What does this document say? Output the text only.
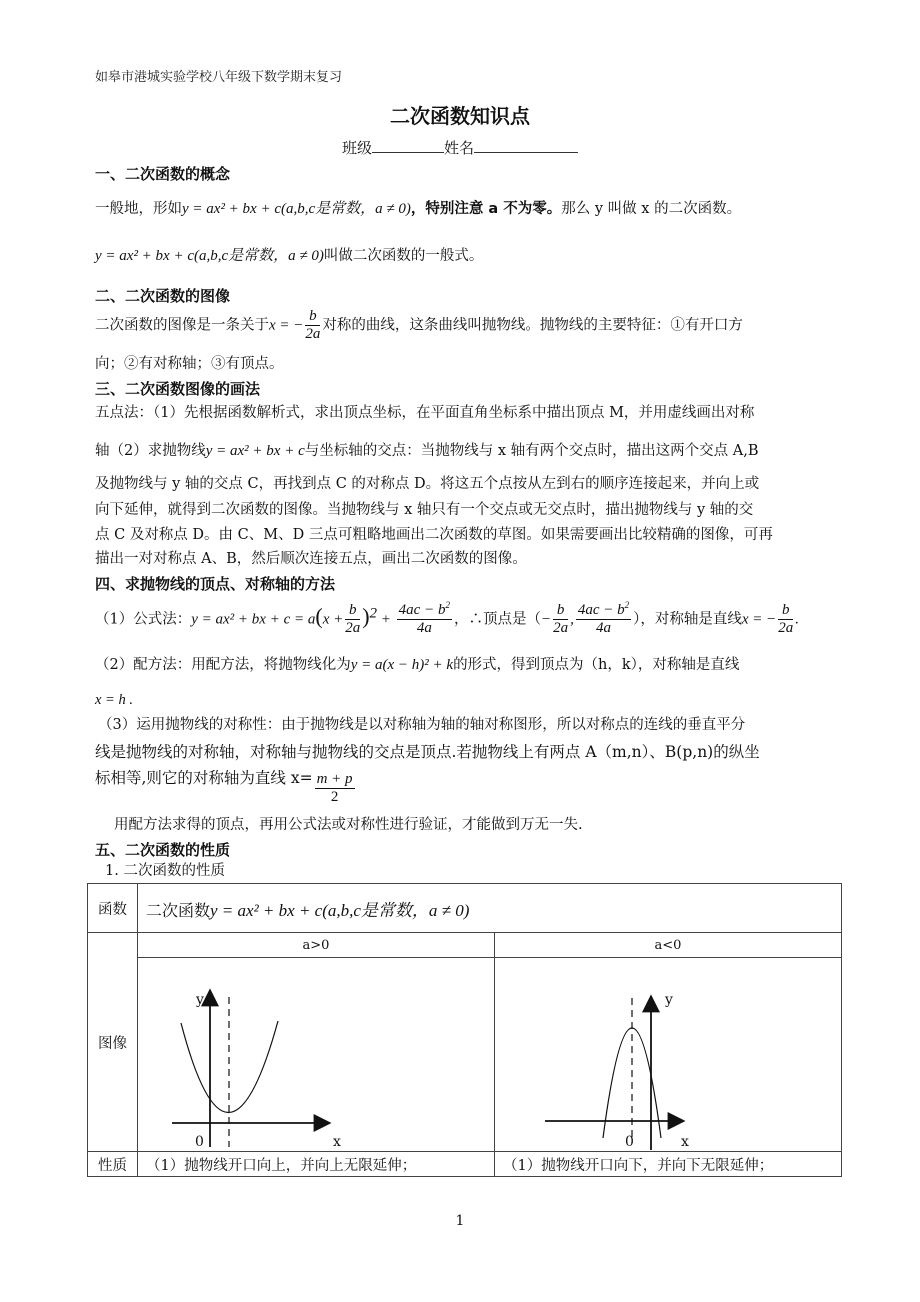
如皋市港城实验学校八年级下数学期末复习
二次函数知识点
班级	姓名
一、二次函数的概念
一般地，形如y = ax² + bx + c(a,b,c是常数，a ≠ 0)，特别注意 a 不为零。那么 y 叫做 x 的二次函数。
y = ax² + bx + c(a,b,c是常数，a ≠ 0)叫做二次函数的一般式。
二、二次函数的图像
二次函数的图像是一条关于x = − $\frac{b}{2a}$ 对称的曲线，这条曲线叫抛物线。抛物线的主要特征：①有开口方
向；②有对称轴；③有顶点。
三、二次函数图像的画法
五点法：（1）先根据函数解析式，求出顶点坐标，在平面直角坐标系中描出顶点 M，并用虚线画出对称
轴（2）求抛物线y = ax² + bx + c与坐标轴的交点：当抛物线与 x 轴有两个交点时，描出这两个交点 A,B
及抛物线与 y 轴的交点 C，再找到点 C 的对称点 D。将这五个点按从左到右的顺序连接起来，并向上或
向下延伸，就得到二次函数的图像。当抛物线与 x 轴只有一个交点或无交点时，描出抛物线与 y 轴的交
点 C 及对称点 D。由 C、M、D 三点可粗略地画出二次函数的草图。如果需要画出比较精确的图像，可再
描出一对对称点 A、B，然后顺次连接五点，画出二次函数的图像。
四、求抛物线的顶点、对称轴的方法
（1）公式法：y = ax² + bx + $c = a(x + \frac{b}{2a} )^2 + \frac{4ac - b^2}{4a}$ ，∴顶点是（− $\frac{b}{2a}$ , $\frac{4ac - b^2}{4a}$ ），对称轴是直线x = − $\frac{b}{2a}$ .
（2）配方法：用配方法，将抛物线化为y = a(x − h)² + k的形式，得到顶点为（h，k），对称轴是直线
x = h .
（3）运用抛物线的对称性：由于抛物线是以对称轴为轴的轴对称图形，所以对称点的连线的垂直平分
线是抛物线的对称轴，对称轴与抛物线的交点是顶点.若抛物线上有两点 A（m,n）、B(p,n)的纵坐
标相等,则它的对称轴为直线 $x= \frac{m + p}{2}$
用配方法求得的顶点，再用公式法或对称性进行验证，才能做到万无一失.
五、二次函数的性质
1. 二次函数的性质
函数	二次函数y = ax² + bx + c(a,b,c是常数，a ≠ 0)	
图像	a>0	a<0

	y
x
0	y
x
0

性质	（1）抛物线开口向上，并向上无限延伸；	（1）抛物线开口向下，并向下无限延伸；
1
